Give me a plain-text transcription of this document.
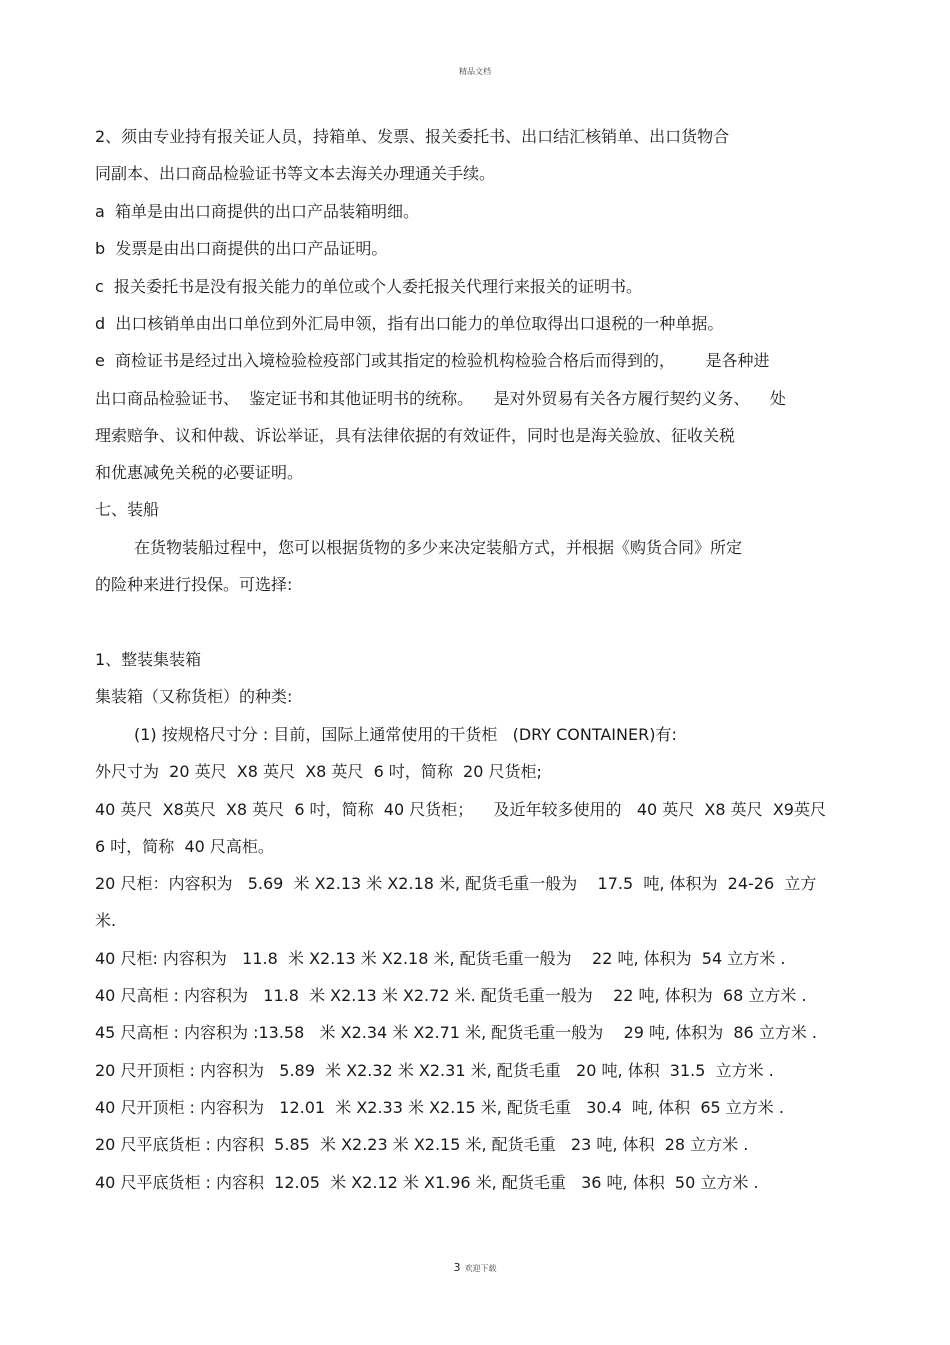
精品文档
2、须由专业持有报关证人员，持箱单、发票、报关委托书、出口结汇核销单、出口货物合
同副本、出口商品检验证书等文本去海关办理通关手续。
a  箱单是由出口商提供的出口产品装箱明细。
b  发票是由出口商提供的出口产品证明。
c  报关委托书是没有报关能力的单位或个人委托报关代理行来报关的证明书。
d  出口核销单由出口单位到外汇局申领，指有出口能力的单位取得出口退税的一种单据。
e  商检证书是经过出入境检验检疫部门或其指定的检验机构检验合格后而得到的，      是各种进
出口商品检验证书、  鉴定证书和其他证明书的统称。    是对外贸易有关各方履行契约义务、    处
理索赔争、议和仲裁、诉讼举证，具有法律依据的有效证件，同时也是海关验放、征收关税
和优惠减免关税的必要证明。
七、装船
在货物装船过程中，您可以根据货物的多少来决定装船方式，并根据《购货合同》所定
的险种来进行投保。可选择:
1、整装集装箱
集装箱（又称货柜）的种类:
(1) 按规格尺寸分 : 目前，国际上通常使用的干货柜   (DRY CONTAINER)有:
外尺寸为  20 英尺  X8 英尺  X8 英尺  6 吋，简称  20 尺货柜;
40 英尺  X8英尺  X8 英尺  6 吋，简称  40 尺货柜；    及近年较多使用的   40 英尺  X8 英尺  X9英尺
6 吋，简称  40 尺高柜。
20 尺柜：内容积为   5.69  米 X2.13 米 X2.18 米, 配货毛重一般为    17.5  吨, 体积为  24-26  立方
米.
40 尺柜: 内容积为   11.8  米 X2.13 米 X2.18 米, 配货毛重一般为    22 吨, 体积为  54 立方米 .
40 尺高柜 : 内容积为   11.8  米 X2.13 米 X2.72 米. 配货毛重一般为    22 吨, 体积为  68 立方米 .
45 尺高柜 : 内容积为 :13.58   米 X2.34 米 X2.71 米, 配货毛重一般为    29 吨, 体积为  86 立方米 .
20 尺开顶柜 : 内容积为   5.89  米 X2.32 米 X2.31 米, 配货毛重   20 吨, 体积  31.5  立方米 .
40 尺开顶柜 : 内容积为   12.01  米 X2.33 米 X2.15 米, 配货毛重   30.4  吨, 体积  65 立方米 .
20 尺平底货柜 : 内容积  5.85  米 X2.23 米 X2.15 米, 配货毛重   23 吨, 体积  28 立方米 .
40 尺平底货柜 : 内容积  12.05  米 X2.12 米 X1.96 米, 配货毛重   36 吨, 体积  50 立方米 .
3 欢迎下载
